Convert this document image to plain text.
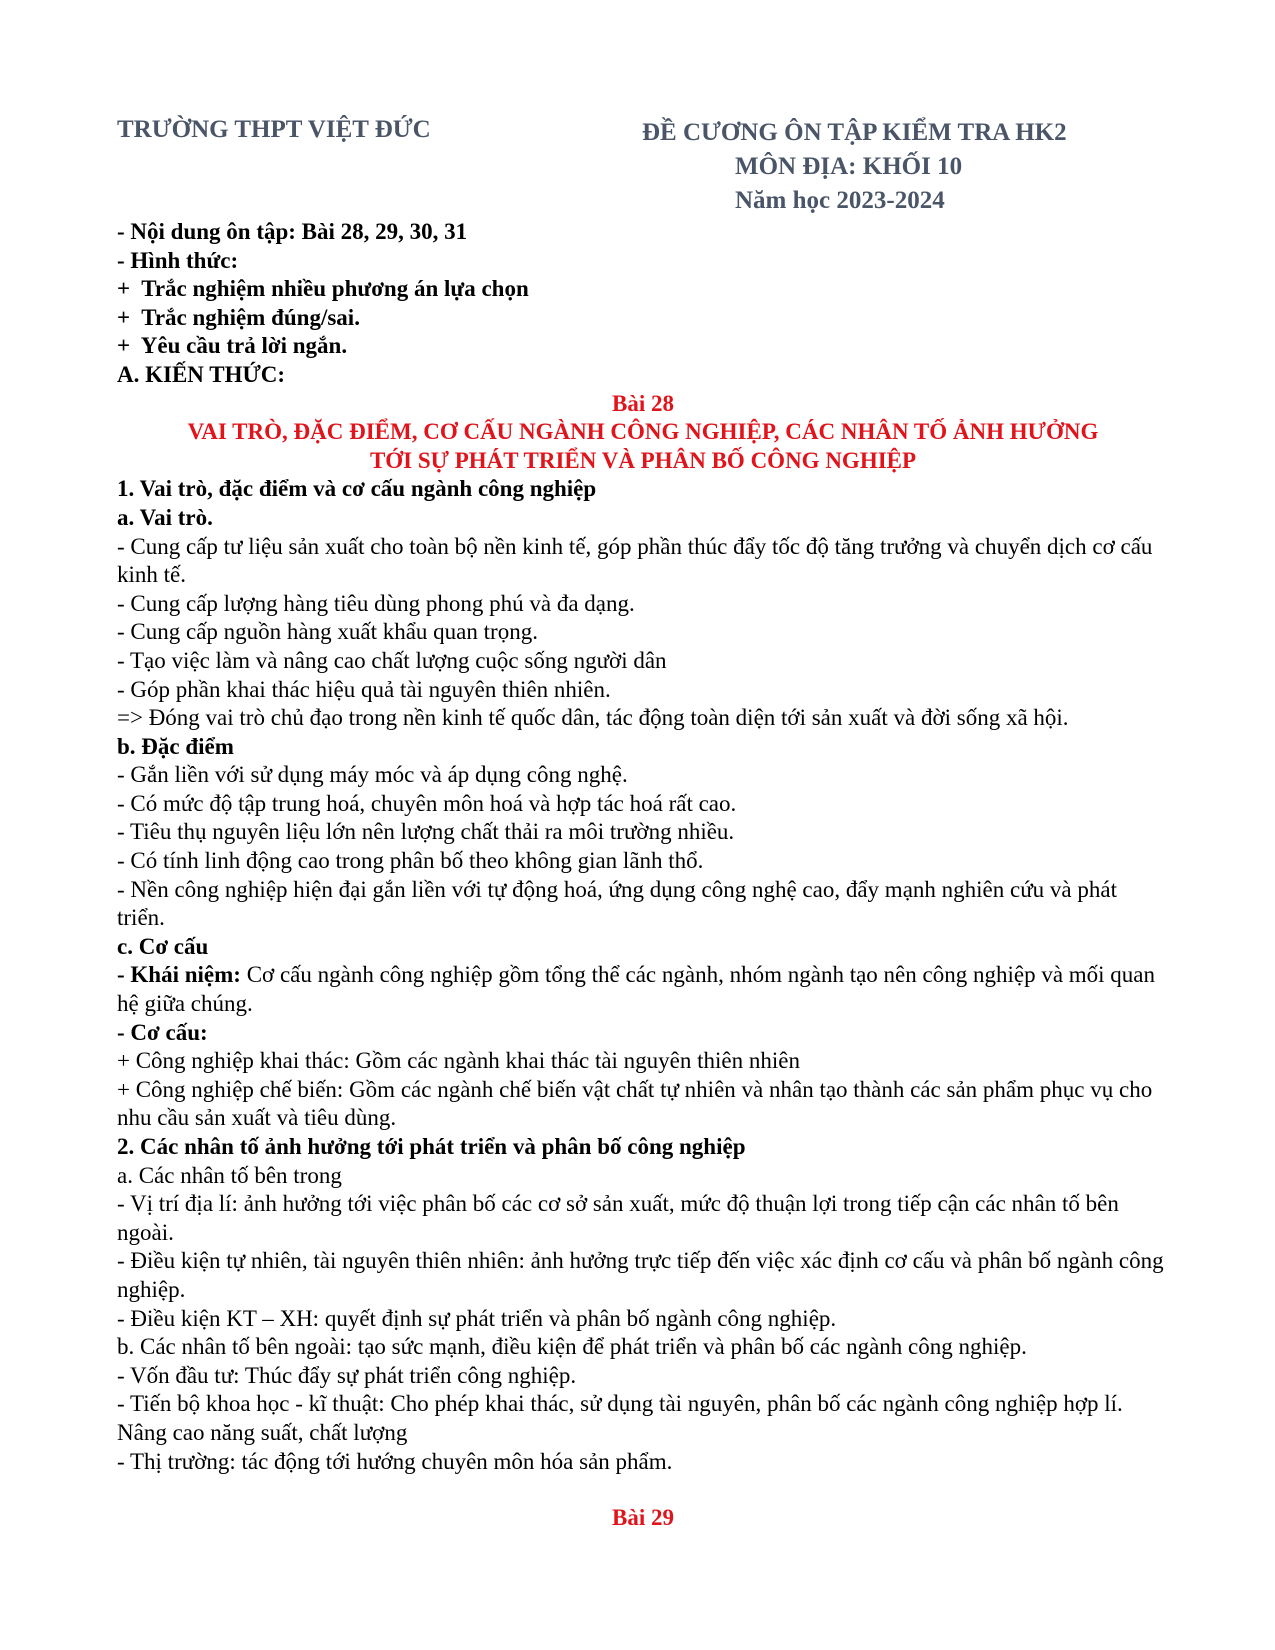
TRƯỜNG THPT VIỆT ĐỨC	ĐỀ CƯƠNG ÔN TẬP KIỂM TRA HK2
MÔN ĐỊA: KHỐI 10
Năm học 2023-2024
- Nội dung ôn tập: Bài 28, 29, 30, 31
- Hình thức:
+  Trắc nghiệm nhiều phương án lựa chọn
+  Trắc nghiệm đúng/sai.
+  Yêu cầu trả lời ngắn.
A. KIẾN THỨC:
Bài 28
VAI TRÒ, ĐẶC ĐIỂM, CƠ CẤU NGÀNH CÔNG NGHIỆP, CÁC NHÂN TỐ ẢNH HƯỞNG
TỚI SỰ PHÁT TRIỂN VÀ PHÂN BỐ CÔNG NGHIỆP
1. Vai trò, đặc điểm và cơ cấu ngành công nghiệp
a. Vai trò.
- Cung cấp tư liệu sản xuất cho toàn bộ nền kinh tế, góp phần thúc đẩy tốc độ tăng trưởng và chuyển dịch cơ cấu kinh tế.
- Cung cấp lượng hàng tiêu dùng phong phú và đa dạng.
- Cung cấp nguồn hàng xuất khẩu quan trọng.
- Tạo việc làm và nâng cao chất lượng cuộc sống người dân
- Góp phần khai thác hiệu quả tài nguyên thiên nhiên.
=> Đóng vai trò chủ đạo trong nền kinh tế quốc dân, tác động toàn diện tới sản xuất và đời sống xã hội.
b. Đặc điểm
- Gắn liền với sử dụng máy móc và áp dụng công nghệ.
- Có mức độ tập trung hoá, chuyên môn hoá và hợp tác hoá rất cao.
- Tiêu thụ nguyên liệu lớn nên lượng chất thải ra môi trường nhiều.
- Có tính linh động cao trong phân bố theo không gian lãnh thổ.
- Nền công nghiệp hiện đại gắn liền với tự động hoá, ứng dụng công nghệ cao, đẩy mạnh nghiên cứu và phát triển.
c. Cơ cấu
- Khái niệm: Cơ cấu ngành công nghiệp gồm tổng thể các ngành, nhóm ngành tạo nên công nghiệp và mối quan hệ giữa chúng.
- Cơ cấu:
+ Công nghiệp khai thác: Gồm các ngành khai thác tài nguyên thiên nhiên
+ Công nghiệp chế biến: Gồm các ngành chế biến vật chất tự nhiên và nhân tạo thành các sản phẩm phục vụ cho nhu cầu sản xuất và tiêu dùng.
2. Các nhân tố ảnh hưởng tới phát triển và phân bố công nghiệp
a. Các nhân tố bên trong
- Vị trí địa lí: ảnh hưởng tới việc phân bố các cơ sở sản xuất, mức độ thuận lợi trong tiếp cận các nhân tố bên ngoài.
- Điều kiện tự nhiên, tài nguyên thiên nhiên: ảnh hưởng trực tiếp đến việc xác định cơ cấu và phân bố ngành công nghiệp.
- Điều kiện KT – XH: quyết định sự phát triển và phân bố ngành công nghiệp.
b. Các nhân tố bên ngoài: tạo sức mạnh, điều kiện để phát triển và phân bố các ngành công nghiệp.
- Vốn đầu tư: Thúc đẩy sự phát triển công nghiệp.
- Tiến bộ khoa học - kĩ thuật: Cho phép khai thác, sử dụng tài nguyên, phân bố các ngành công nghiệp hợp lí. Nâng cao năng suất, chất lượng
- Thị trường: tác động tới hướng chuyên môn hóa sản phẩm.
Bài 29
